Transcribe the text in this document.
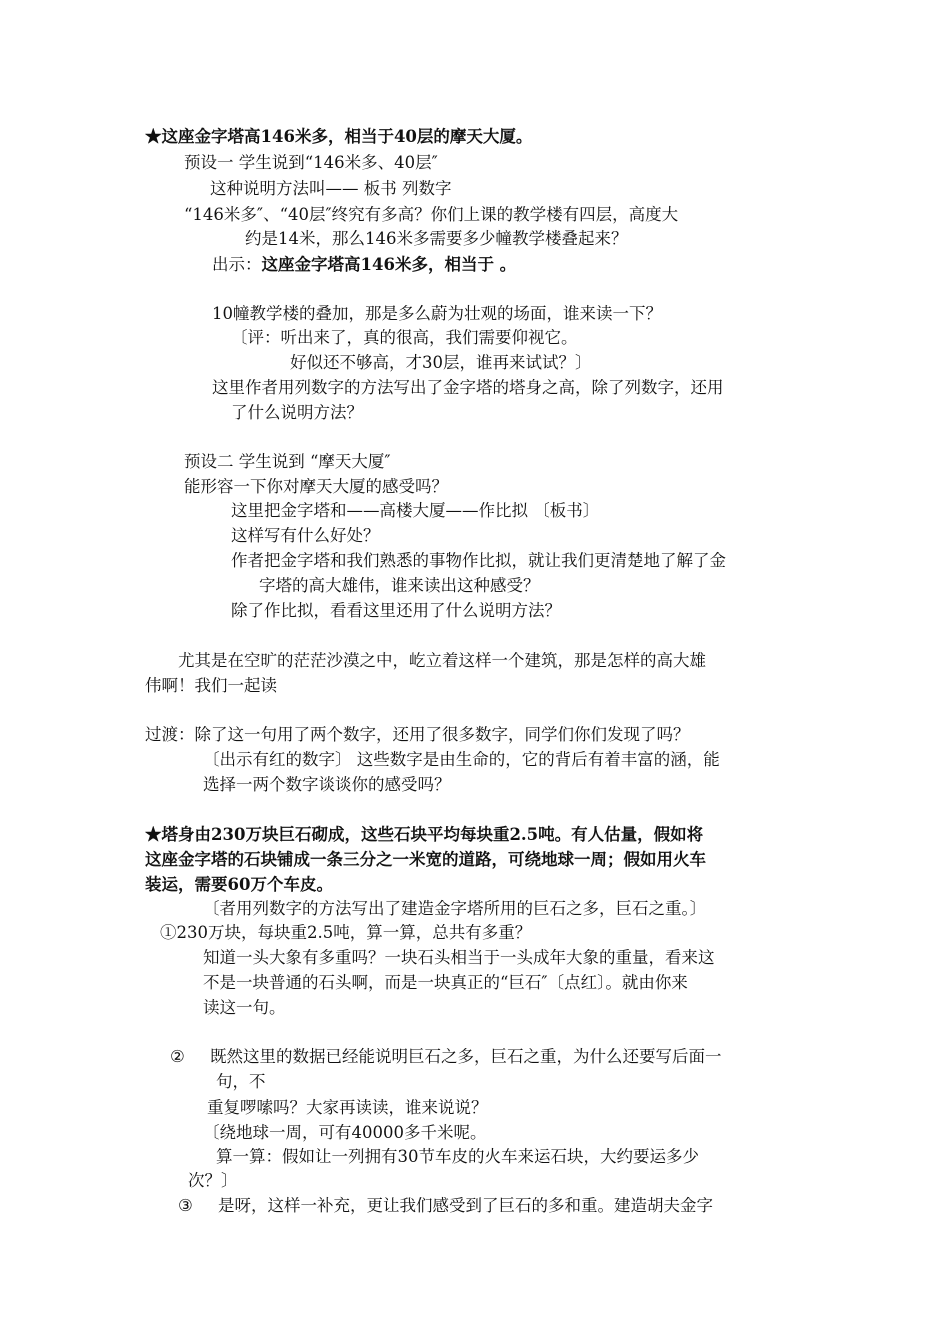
★这座金字塔高146米多，相当于40层的摩天大厦。
预设一 学生说到“146米多、40层″
这种说明方法叫—— 板书 列数字
“146米多″、“40层″终究有多高？你们上课的教学楼有四层，高度大
约是14米，那么146米多需要多少幢教学楼叠起来？
出示：这座金字塔高146米多，相当于 。
10幢教学楼的叠加，那是多么蔚为壮观的场面，谁来读一下？
〔评：听出来了，真的很高，我们需要仰视它。
好似还不够高，才30层，谁再来试试？〕
这里作者用列数字的方法写出了金字塔的塔身之高，除了列数字，还用
了什么说明方法？
预设二 学生说到 “摩天大厦″
能形容一下你对摩天大厦的感受吗？
这里把金字塔和——高楼大厦——作比拟 〔板书〕
这样写有什么好处？
作者把金字塔和我们熟悉的事物作比拟，就让我们更清楚地了解了金
字塔的高大雄伟，谁来读出这种感受？
除了作比拟，看看这里还用了什么说明方法？
尤其是在空旷的茫茫沙漠之中，屹立着这样一个建筑，那是怎样的高大雄
伟啊！我们一起读
过渡：除了这一句用了两个数字，还用了很多数字，同学们你们发现了吗？
〔出示有红的数字〕 这些数字是由生命的，它的背后有着丰富的涵，能
选择一两个数字谈谈你的感受吗？
★塔身由230万块巨石砌成，这些石块平均每块重2.5吨。有人估量，假如将
这座金字塔的石块铺成一条三分之一米宽的道路，可绕地球一周；假如用火车
装运，需要60万个车皮。
〔者用列数字的方法写出了建造金字塔所用的巨石之多，巨石之重。〕
①230万块，每块重2.5吨，算一算，总共有多重？
知道一头大象有多重吗？一块石头相当于一头成年大象的重量，看来这
不是一块普通的石头啊，而是一块真正的“巨石″〔点红〕。就由你来
读这一句。
② 既然这里的数据已经能说明巨石之多，巨石之重，为什么还要写后面一
句，不
重复啰嗦吗？大家再读读，谁来说说？
〔绕地球一周，可有40000多千米呢。
算一算：假如让一列拥有30节车皮的火车来运石块，大约要运多少
次？〕
③ 是呀，这样一补充，更让我们感受到了巨石的多和重。建造胡夫金字
